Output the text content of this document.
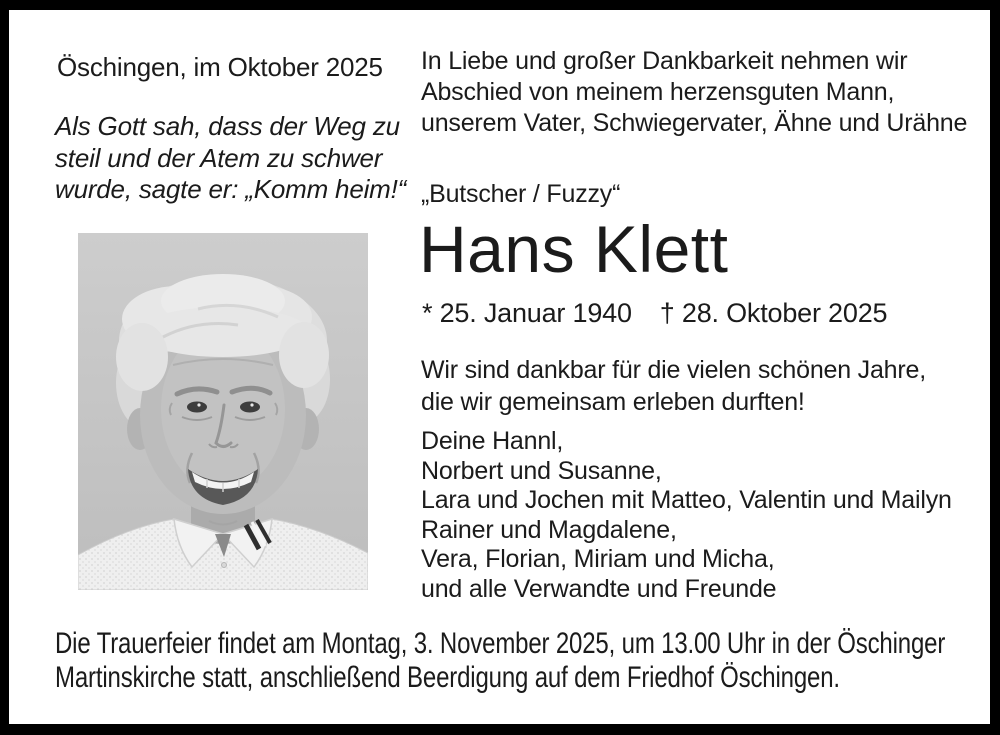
Öschingen, im Oktober 2025
Als Gott sah, dass der Weg zu
steil und der Atem zu schwer
wurde, sagte er: „Komm heim!“
In Liebe und großer Dankbarkeit nehmen wir
Abschied von meinem herzensguten Mann,
unserem Vater, Schwiegervater, Ähne und Urähne
„Butscher / Fuzzy“
Hans Klett
* 25. Januar 1940 † 28. Oktober 2025
Wir sind dankbar für die vielen schönen Jahre,
die wir gemeinsam erleben durften!
Deine Hannl,
Norbert und Susanne,
Lara und Jochen mit Matteo, Valentin und Mailyn
Rainer und Magdalene,
Vera, Florian, Miriam und Micha,
und alle Verwandte und Freunde
Die Trauerfeier findet am Montag, 3. November 2025, um 13.00 Uhr in der Öschinger
Martinskirche statt, anschließend Beerdigung auf dem Friedhof Öschingen.
